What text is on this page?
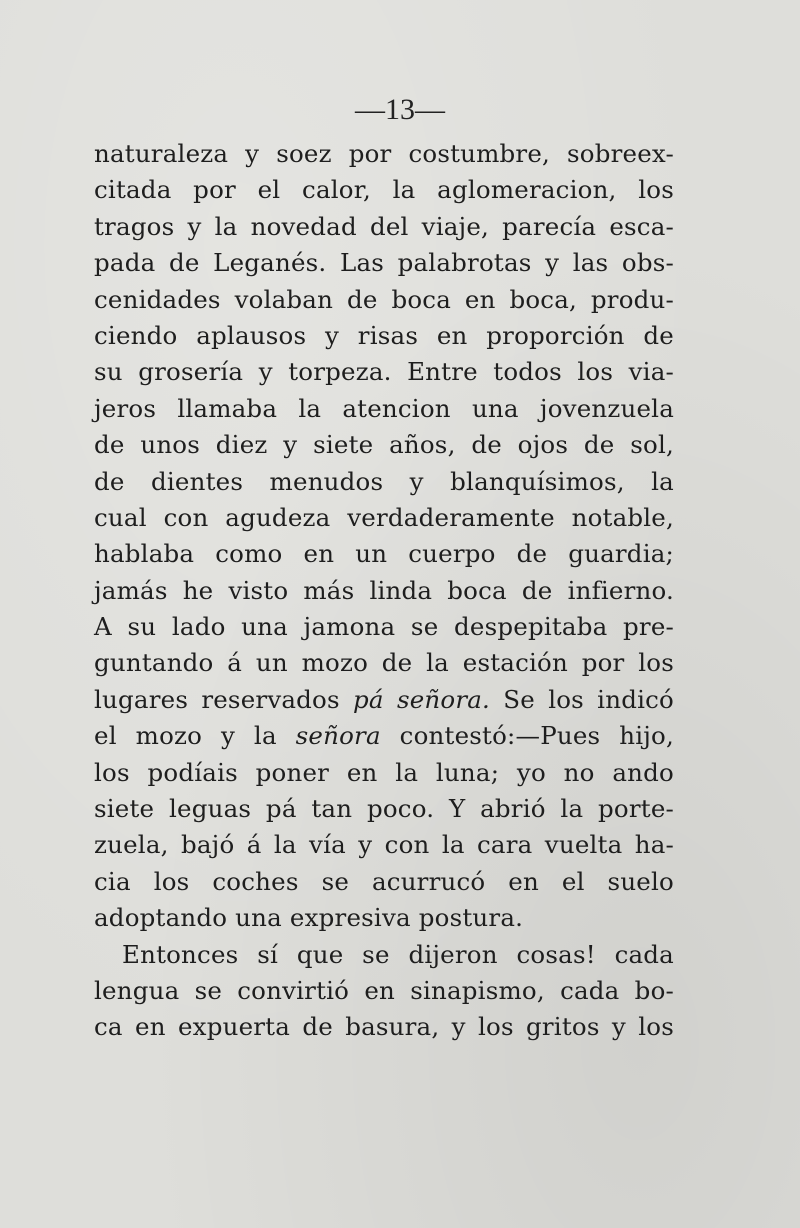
—13—
naturaleza y soez por costumbre, sobreex-
citada por el calor, la aglomeracion, los
tragos y la novedad del viaje, parecía esca-
pada de Leganés. Las palabrotas y las obs-
cenidades volaban de boca en boca, produ-
ciendo aplausos y risas en proporción de
su grosería y torpeza. Entre todos los via-
jeros llamaba la atencion una jovenzuela
de unos diez y siete años, de ojos de sol,
de dientes menudos y blanquísimos, la
cual con agudeza verdaderamente notable,
hablaba como en un cuerpo de guardia;
jamás he visto más linda boca de infierno.
A su lado una jamona se despepitaba pre-
guntando á un mozo de la estación por los
lugares reservados pá señora. Se los indicó
el mozo y la señora contestó:—Pues hijo,
los podíais poner en la luna; yo no ando
siete leguas pá tan poco. Y abrió la porte-
zuela, bajó á la vía y con la cara vuelta ha-
cia los coches se acurrucó en el suelo
adoptando una expresiva postura.
Entonces sí que se dijeron cosas! cada
lengua se convirtió en sinapismo, cada bo-
ca en expuerta de basura, y los gritos y los
